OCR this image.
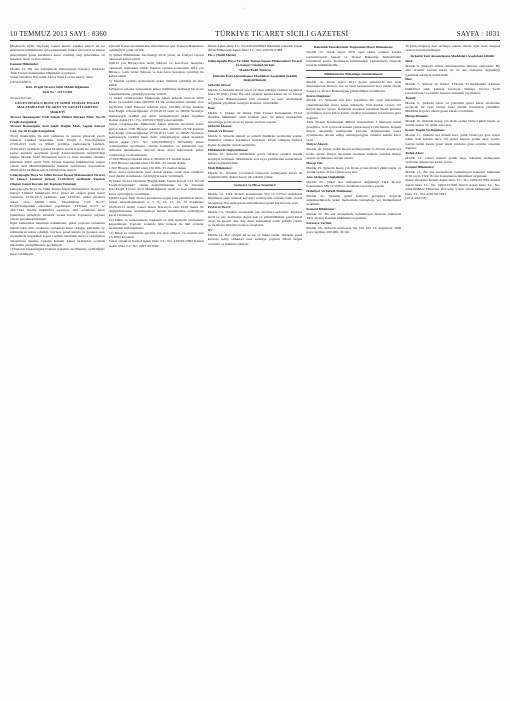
·
10 TEMMUZ 2013 SAYI : 8360	TÜRKİYE TİCARET SİCİLİ GAZETESİ	SAYFA : 1031

(Başharafı 1030. Sayfada) Genel kurula vekâlet ediyor ile bu şirketlerin hükümlerine göre şirketimize intikal eden mal ve haklar şirketimizin genel kurulunca karar verilmiş olup şirketimize ait hususlar tescil ve ilan olunur.

Kanuni Hükümler:

Madde 12- Bu ana sözleşmede bulunmayan hususlar hakkında Türk Ticaret Kanununun hükümleri uygulanır.

Şirket Ortakları Hayrettin Aksoy imza Levent Aksoy imza

(10/A-022201)

Kdz. Ereğli Ticaret Sicili Müdürlüğünden

Sicil No : 2917/2429

Ticaret Unvanı:

GÜLEYÜPOĞLU BOYA VE SIHHİ TESİSAT İNŞAAT MALZEMELERİ TİCARET VE SANAYİ LİMİTED ŞİRKETİ

Ticaret İkametgahı: Erdi Sokak Mithat Merkez Mah. No:29 Ereğli/Zonguldak

Ticaret İkametgahı Yeni Şekli: Bağlık Mah. Saptık Kurşal Cad. No:28 Ereğli/Zonguldak

Ticari ikametgahı ile sicil numarası ve unvanı yukarıda yazılı bulunan Limited Şirketinin, Kdz. Ereğli 2. Noterliğinden 27.06.2013 tarih ve 06625 yevmiye numarasıyla tasdikli, 27.06.2013 tarihinde yapılan Ortaklar Genel Kurulu ile tutanak ile Genel kurulun onaylanan gereği Anasözleşmenin değiştirildiği ilişikte Madde Tadil Tutanaının tescil ve ilanı istenmiş olmakla belirtilen 6102 sayılı Türk Ticaret Kanunu hükümlerine uygun olarak sicil Müdürlüğümüzün memuri vesikaların dayanılarak 28.06.2013 tarihinde tescil edildiği ilan olunur.

Güleyüpoğlu Boya Ve Sıhhi Tesisat İnşaat Malzemeleri Ticaret Ve Sanayi Limited Şirketi 27.06.2013 tarihinde Yapılan Olağan Genel Kurulu Ait Toplantı Tutanağı

Güleyüpoğlu Boya Ve Sıhhi Tesisat İnşaat Malzemeleri Ticaret Ve Sanayi Limited Şirketi'nin 2012 yılına ait olağan genel kurul toplantısı 27.06.2013 tarihinde, saat 14:00'de, şirket merkezi adresi olan Mithat Mah. Meydanbaşı Cad. No:27 Ereğli/Zonguldak adresinde yapılmıştır. TTK'nun 617/3 ve 416/1'inci madde hükümleri uyarınca, tüm ortakların hazır bulunması nedeniyle Ortaklar Genel Kurul Toplantısı çağrısız olarak gerçekleştirilmiştir.

İlgisi bulunanlar listesinin tetkikinden, şirket payların tamamını temsil eden tüm ortakların toplantıda hazır olduğu, gündeme oy kullanılarak kabul edildiği, böylece genel kurula ve gereken esas sözleşmede öngörülen asgari toplantı nisabının mevcut olduğunun anlaşılması üzerine toplantı Kanuni Aşkın tarafından açılarak gündemin görüşülmesine geçilmiştir.

1)Toplantı başkanlığına Kanuni Aşkın'ın seçilmesine oybirliğiyle karar verilmiştir.

2)Genel Kurul tutanaklarının imzalanması için Toplantı Başkanına oybirliğiyle yetki verildi.

3) Şirket Müdürünün hazırladığı 2012 yılına ait faaliyet raporu okunarak kabul edildi.

4)2012 yılı Bilanço'dan Gelir Tabloru ve Kar-Zarar hesapları okunarak, müzakere edildi. Yapılan oylama sonucunda 2012 yılı Bilanço, Gelir Gider Tablosu ve Kar-Zarar hesapları oybirliği ile kabul edildi.

5) Yapılan oylama neticesinde şirket müdürü oybirliği ile ibra edildi.

6)Yapılan oylama neticesinde şirket müdürüne herhangi bir ücret ödenmemesine oybirliğiyle karar verildi.

7) Şirket ortaklarından Mükerrem Aşkın şirketin mevcut 2000 Hisse ye tekabül eden 200.000.-TL'lik sermayesinin tamamı olan paylardan 1500 Hisseye tekabül eden 150.000.-TL'lik kısmını Kdz.Ereğli 2.Noterliğinden 27.06.2013 tarih ve 06630 Yevmiye numarasıyla tasdikli pay devir sözleşmesiyle şirket dışından Kemal Aşkın (T.C. No: 22951917602)'e devretmiştir.

Şirket ortaklarından Mükerrem Aşkın şirketin devreden sonra geriye kalan 1500 Hisseye tekabül eden 150.000.-TL'lik kısmını Kdz.Ereğli 2.Noterliğinden 27.06.2013 tarih ve 06629 Yevmiye numarasıyla tasdikli hisse devir sözleşmesiyle şirket dışından İsmail Aşkın (T.C. No: 22921938022)'a devredmiş şirket ortaklığından ayrılmıştır, devrin kabulüne ve hisselerin pay defterine işlenmesine, Mevcut hisse devri neticesinde şirket ortaklarının ve hisselerinin,

27.000 Hisseye tekabül eden 2.700.000.-TL Kemal Aşkın

1.500 Hisseye tekabül eden 150.000.-TL İsmail Aşkın

1.500 Hisseye tekabül eden 150.000.-TL Kemal Aşkın

Hisse devri neticesinde yeni olarak şirkete ortak olan ortaklara yeni müdür atanmasına oybirliğiyle karar verilmiştir.

8) Şirket Ticaret adresinin "Bağlık Mah. Saptık Kurşal Cad. No:28 Ereğli/Zonguldak" olarak değiştirilmesine ve bu hususun Kdz.Ereğli Ticaret Sicil Müdürlüğünde tescil ve ilan edilmesine karar oybirliğiyle verilmiştir.

9)6102 sayılı Türk Ticaret Kanununa uygun hale getirilmesi üzere, Şirket anasözleşmesinin 2, 7, 9, 10, 11, 12, 13 maddeleri 26.06.2013 tarihli Genel Kurul Kararıyla ekli Tadil metni ile değiştirilmesine, anasözleşmeye madde eklenmesine oybirliğiyle karar verilmiştir.

10) Dilek ve temennilerde başkanın ve tüm üyelerin sözleşmesi kapatılmıştır. Toplantı sonunda işbu tutanak ile tüm ortaklar tarafından imzalanmıştır.

11) Dilek ve temenniler geçildi, söz alan olmadı, ve oturum saat 15:30'da kapatıldı.

Şirket Ortakları Kemal Aşkın imza T.C. No: 22951917602 Kemal Aşkın imza T.C. No: 22951917602

İsmail Aşkın imza T.C. No:22921938022 Hâmileki Genelde Çıkan Ortak Mükerrem Aşkın İmza T.C. No: 22957917484

Ek-1 (Tadil Metni)

Güleyüpoğlu Boya Ve Sıhhi Tesisat İnşaat Malzemeleri Ticaret Ve Sanayi Limited Şirketi

Madde Tadil Tasarısı

Şirketin Eski Anasözleşme Maddeleri Aşağıdaki Şekilde Değiştirilmiştir

Şirketin Süresi:

Madde 5- Şirketin süresi tescil ve ilanı edildiği tarihten başlamak üzere 50 (Elli) yıldır. Bu süre ortaklar kurulu kararı ile ve Sanayi ve Ticaret Bakanlığından izin alınmak ve esas sözleşmede değişiklik yapılmak suretiyle kısaltılır, uzatılabilir.

İlan:

Madde 7- Şirkete ait ilanlar Türk Ticaret Kanununun 37.nci maddesi hükümleri saklı kalmak şartı ile şirket merkezinin bulunduğu yerde en az üç gazete ile ilanı yapılır.

Şirketin İdaresi:

Temsil Ve İlzamı:

Madde 9- Şirketin idaresi ve temsili müdürler tarafından yapılır. Müdürler ortaklar kurulunca belirlenir. Ortak olmayan üçüncü kişiler de müdür olarak seçilebilir.

Müdürlerin Değiştirilmesi:

Madde 10- Şirketin müdürlerin görev süreleri ortaklar kurulu kararıyla belirlenir. Müdürlerin azli veya yetkilerinin kaldırılması halleri değiştirilebilir.

Mali Hükümler:

Madde 11- Ortaklar tarafından ödenecek sermayenin kararı ile değiştirilebilir. Şirket hesap yılı takvim yılıdır.

Sermaye ve Hisse Senetleri:

Madde 12- Türk Ticaret Kanununun 519 ve 537'nci maddeleri hükümleri saklı kalmak kaydıyla sermayenin tamamı nakit olarak ödenmiştir. Bu sermayenin arttırılmasına genel kurul karar verir.

Payların Devri:

Madde 13- Ortaklar arasındaki pay devirleri serbesttir. Payların devri ve pay devrinden doğan hak ve yükümlülükler genel kurul onayı ile geçerli olur. Pay devir sözleşmesi yazılı şekilde yapılır ve tarafların imzaları noterce onaylanır.

Oy:

Madde 14- Her ortağın en az bir oy hakkı vardır. Ortaklar genel kurulda sahip oldukları esas sermaye payının itibari değeri oranında oy hakkına sahiptir.

Bakanlık Temsilcisinin Toplantıda Hazır Bulunması:

Madde 15: Ortak sayısı 20'yi aşan şirket ortaklar kurulu toplantılarında Sanayi ve Ticaret Bakanlığı Temsilcisinin bulunması şarttır. Komiserin bulunmadığı toplantılarda alınacak kararlar hükümsüzdür.

Bildirimlerin Bakanlığa Gönderilmesi:

Madde 16- Ortak sayısı 20'yi geçen şirketlerde her sene düzenlenecek bilanço, kar ve zarar hesaplarının üçer nüsha olarak Sanayi ve Ticaret Bakanlığına gönderilmesi zorunludur.

Kârın Dağıtımı:

Madde 17- Şirketin safi karı yapılması her çeşit masrafların çıkarılmasından sonra kalan miktardır. Safi kardan evvela %5 ihtiyat akçesi ayrılır. Kalandan kanunen ayrılması lazım gelenler ayrıldıktan sonra kalan kısım ortaklar kurulunun kararlarına göre dağıtılır.

Türk Ticaret Kanununun 466'ncı maddesinin 3 numaralı bendi gereğince %10 ayrılacak kanuni yedek akçeye tabi tutulur. Kanuni ihtiyat akçesinin sermayenin yarısına ulaşmasından sonra ayrılmasına devam edilip edilmeyeceğine ortaklar kurulu karar verir.

İhtiyat Akçesi:

Madde 18- Şirket yedek akçesi sermayesinin % 20'sine ulaşıncaya kadar ayrılır. İhtiyat akçesinin azalması halinde yeniden ihtiyat akçesi ayrılmasına devam olunur.

Hesap Yılı:

Madde 19- Şirketin hesap yılı Ocak ayının birinci günü başlar ve Aralık ayının 31'inci günü sona erer.

Ana Sözleşme Değişikliği:

Madde 20- Şirket ana sözleşmesi değişikliği Türk Ticaret Kanununun 589 ve 590'ıncı maddeleri uyarınca yapılır.

Halefiyet Ve Yetkili Mahkeme:

Madde 21- Şirketin genel faaliyeti gereğince doğacak anlaşmazlıklarda şirket merkezinin bulunduğu yer mahkemeleri yetkilidir.

Kanuni Hükümler:

Madde 22- Bu ana sözleşmede bulunmayan hususlar hakkında Türk Ticaret Kanunu hükümleri uygulanır.

Sermaye Verilisi:

Madde 23- Şirketin sermayesi her biri 100 TL değerinde 2000 paya ayrılmış 200.000.-TL'dir.

TL'(diriyatlığına) dair sermaye olarak sürede öğle saati dengesi sadece kararlaştırılmıştır.

Şirketin Yeni Anasözleşme Maddeleri Aşağıdaki Gibidir

Süre:

Madde 5- Şirketin süresi, kuruluşundan itibaren sınırsızdır. Bu süre ortaklar kurulu kararı ile ve ana sözleşme değişikliği yapılmak suretiyle uzatılabilir.

İlan:

Madde 7- Şirkete ait ilanlar TTK'nın 35.maddesinin 4.fıkrası hükümleri saklı kalmak kaydıyla Türkiye Ticaret Sicili Gazetesi'nde ve şirketin internet sitesinde yayımlanır.

Temsil:

Madde 9- Şirketin işleri ve yönetimi genel kurul tarafından seçilecek bir veya birden fazla müdür tarafından yürütülür. Müdürlerin görev süresi genel kurulca belirlenir.

Hesap Dönemi:

Madde 10- Şirketin hesap yılı Ocak ayının birinci günü başlar ve Aralık ayının 31. günü sona erer.

Karın Tespiti Ve Dağıtımı:

Madde 11- Şirketin net dönem karı, yıllık bilançoya göre tespit edilir. Safi kardan önce %5 genel kanuni yedek akçe ayrılır. Geriye kalan kısım genel kurul kararına göre ortaklar arasında dağıtılır.

Yedek Akçe:

Madde 12- Genel kanuni yedek akçe ödenmiş sermayenin %20'sine ulaşıncaya kadar ayrılır.

Kanuni Hükümler:

Madde 13- Bu ana sözleşmede bulunmayan hususlar hakkında 6102 sayılı Türk Ticaret Kanununun hükümleri uygulanır.

Şirket Ortakları Kemal Aşkın imza T.C. No: 22951917602 Kemal Aşkın imza T.C. No: 22951917602 İsmail Aşkın imza T.C. No: 22921938022 Hisseden Devredip Çıkan Ortak Mükerrem Aşkın İmza T.C. No: 22957917484

(10/A-022178)
